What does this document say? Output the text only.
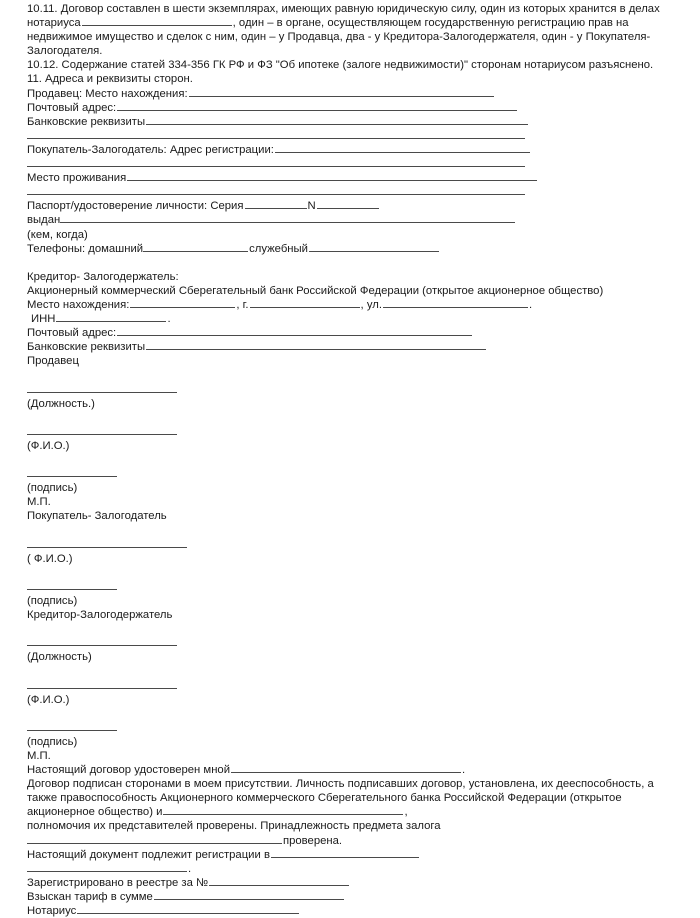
10.11. Договор составлен в шести экземплярах, имеющих равную юридическую силу, один из которых хранится в делах нотариуса	, один – в органе, осуществляющем государственную регистрацию прав на недвижимое имущество и сделок с ним, один – у Продавца, два - у Кредитора-Залогодержателя, один - у Покупателя-Залогодателя.

10.12. Содержание статей 334-356 ГК РФ и ФЗ "Об ипотеке (залоге недвижимости)" сторонам нотариусом разъяснено.

11. Адреса и реквизиты сторон.

Продавец: Место нахождения:

Почтовый адрес:

Банковские реквизиты

Покупатель-Залогодатель: Адрес регистрации:

Место проживания

Паспорт/удостоверение личности: Серия	N

выдан

(кем, когда)

Телефоны: домашний	служебный

Кредитор- Залогодержатель:

Акционерный коммерческий Сберегательный банк Российской Федерации (открытое акционерное общество)

Место нахождения:	, г.	, ул.	.

ИНН	.

Почтовый адрес:

Банковские реквизиты

Продавец

(Должность.)

(Ф.И.О.)

(подпись)

М.П.

Покупатель- Залогодатель

( Ф.И.О.)

(подпись)

Кредитор-Залогодержатель

(Должность)

(Ф.И.О.)

(подпись)

М.П.

Настоящий договор удостоверен мной	.

Договор подписан сторонами в моем присутствии. Личность подписавших договор, установлена, их дееспособность, а также правоспособность Акционерного коммерческого Сберегательного банка Российской Федерации (открытое акционерное общество) и	,

полномочия их представителей проверены. Принадлежность предмета залога

проверена.

Настоящий документ подлежит регистрации в

.

Зарегистрировано в реестре за №

Взыскан тариф в сумме

Нотариус
